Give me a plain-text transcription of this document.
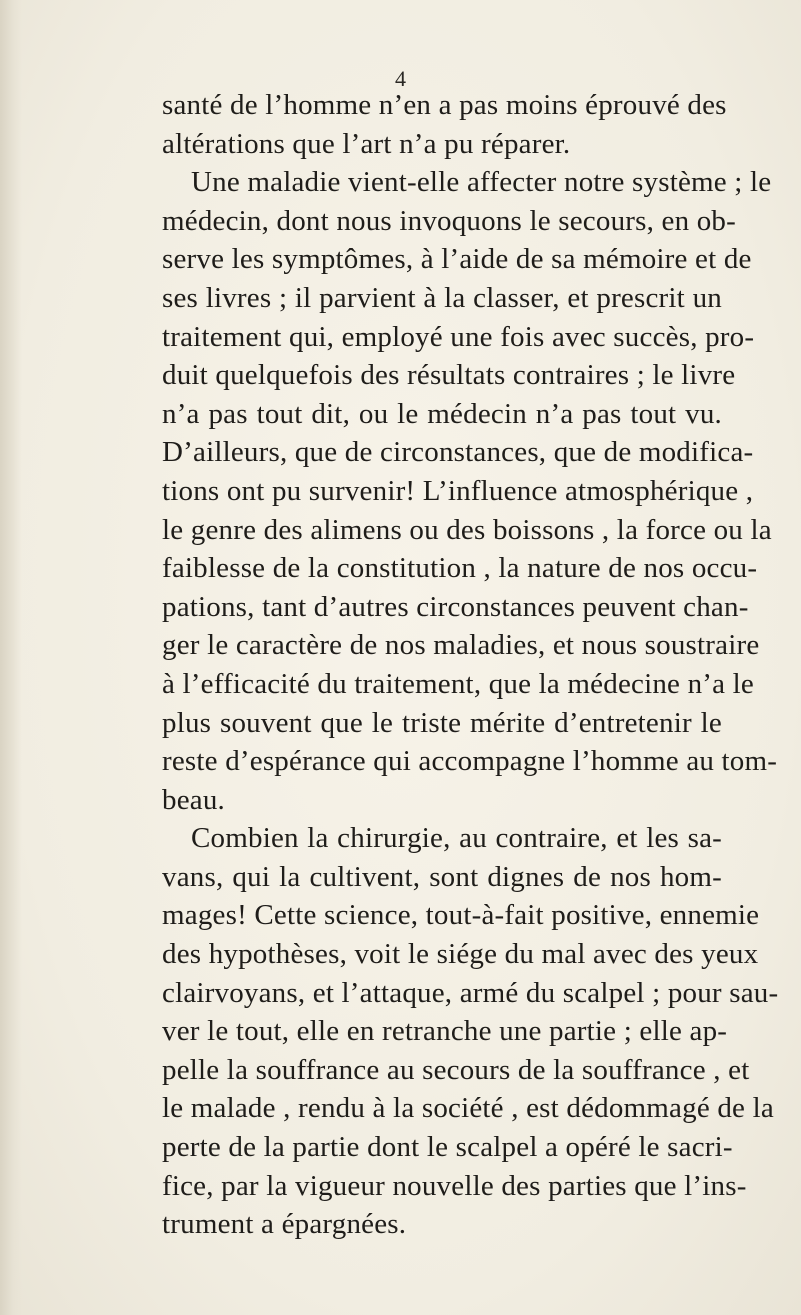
4

santé de l’homme n’en a pas moins éprouvé des
altérations que l’art n’a pu réparer.
Une maladie vient-elle affecter notre système ; le
médecin, dont nous invoquons le secours, en ob-
serve les symptômes, à l’aide de sa mémoire et de
ses livres ; il parvient à la classer, et prescrit un
traitement qui, employé une fois avec succès, pro-
duit quelquefois des résultats contraires ; le livre
n’a pas tout dit, ou le médecin n’a pas tout vu.
D’ailleurs, que de circonstances, que de modifica-
tions ont pu survenir! L’influence atmosphérique ,
le genre des alimens ou des boissons , la force ou la
faiblesse de la constitution , la nature de nos occu-
pations, tant d’autres circonstances peuvent chan-
ger le caractère de nos maladies, et nous soustraire
à l’efficacité du traitement, que la médecine n’a le
plus souvent que le triste mérite d’entretenir le
reste d’espérance qui accompagne l’homme au tom-
beau.
Combien la chirurgie, au contraire, et les sa-
vans, qui la cultivent, sont dignes de nos hom-
mages! Cette science, tout-à-fait positive, ennemie
des hypothèses, voit le siége du mal avec des yeux
clairvoyans, et l’attaque, armé du scalpel ; pour sau-
ver le tout, elle en retranche une partie ; elle ap-
pelle la souffrance au secours de la souffrance , et
le malade , rendu à la société , est dédommagé de la
perte de la partie dont le scalpel a opéré le sacri-
fice, par la vigueur nouvelle des parties que l’ins-
trument a épargnées.
